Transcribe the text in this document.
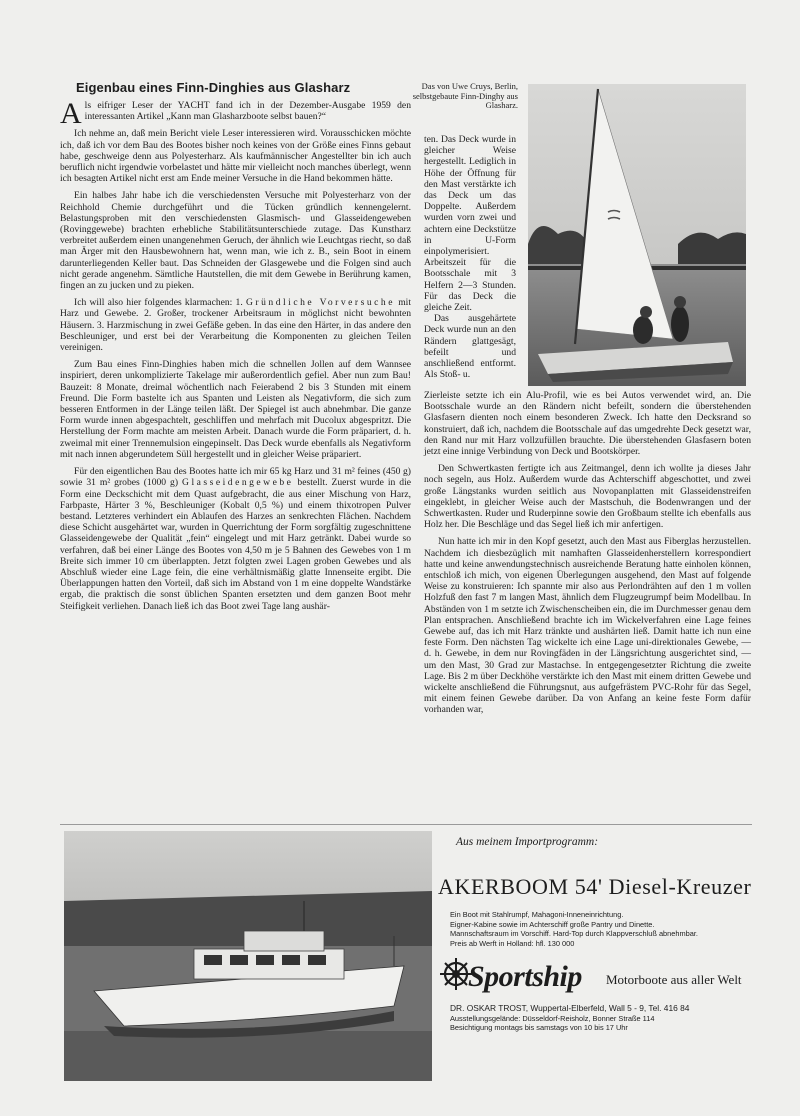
Eigenbau eines Finn-Dinghies aus Glasharz

Als eifriger Leser der YACHT fand ich in der Dezember-Ausgabe 1959 den interessanten Artikel „Kann man Glasharzboote selbst bauen?“

Ich nehme an, daß mein Bericht viele Leser interessieren wird. Vorausschicken möchte ich, daß ich vor dem Bau des Bootes bisher noch keines von der Größe eines Finns gebaut habe, geschweige denn aus Polyesterharz. Als kaufmännischer Angestellter bin ich auch beruflich nicht irgendwie vorbelastet und hätte mir vielleicht noch manches überlegt, wenn ich besagten Artikel nicht erst am Ende meiner Versuche in die Hand bekommen hätte.

Ein halbes Jahr habe ich die verschiedensten Versuche mit Polyesterharz von der Reichhold Chemie durchgeführt und die Tücken gründlich kennengelernt. Belastungsproben mit den verschiedensten Glasmisch- und Glasseidengeweben (Rovinggewebe) brachten erhebliche Stabilitätsunterschiede zutage. Das Kunstharz verbreitet außerdem einen unangenehmen Geruch, der ähnlich wie Leuchtgas riecht, so daß man Ärger mit den Hausbewohnern hat, wenn man, wie ich z. B., sein Boot in einem darunterliegenden Keller baut. Das Schneiden der Glasgewebe und die Folgen sind auch nicht gerade angenehm. Sämtliche Hautstellen, die mit dem Gewebe in Berührung kamen, fingen an zu jucken und zu pieken.

Ich will also hier folgendes klarmachen: 1. Gründliche Vorversuche mit Harz und Gewebe. 2. Großer, trockener Arbeitsraum in möglichst nicht bewohnten Häusern. 3. Harzmischung in zwei Gefäße geben. In das eine den Härter, in das andere den Beschleuniger, und erst bei der Verarbeitung die Komponenten zu gleichen Teilen vereinigen.

Zum Bau eines Finn-Dinghies haben mich die schnellen Jollen auf dem Wannsee inspiriert, deren unkomplizierte Takelage mir außerordentlich gefiel. Aber nun zum Bau! Bauzeit: 8 Monate, dreimal wöchentlich nach Feierabend 2 bis 3 Stunden mit einem Freund. Die Form bastelte ich aus Spanten und Leisten als Negativform, die sich zum besseren Entformen in der Länge teilen läßt. Der Spiegel ist auch abnehmbar. Die ganze Form wurde innen abgespachtelt, geschliffen und mehrfach mit Ducolux abgespritzt. Die Herstellung der Form machte am meisten Arbeit. Danach wurde die Form präpariert, d. h. zweimal mit einer Trennemulsion eingepinselt. Das Deck wurde ebenfalls als Negativform mit nach innen abgerundetem Süll hergestellt und in gleicher Weise präpariert.

Für den eigentlichen Bau des Bootes hatte ich mir 65 kg Harz und 31 m² feines (450 g) sowie 31 m² grobes (1000 g) Glasseidengewebe bestellt. Zuerst wurde in die Form eine Deckschicht mit dem Quast aufgebracht, die aus einer Mischung von Harz, Farbpaste, Härter 3 %, Beschleuniger (Kobalt 0,5 %) und einem thixotropen Pulver bestand. Letzteres verhindert ein Ablaufen des Harzes an senkrechten Flächen. Nachdem diese Schicht ausgehärtet war, wurden in Querrichtung der Form sorgfältig zugeschnittene Glasseidengewebe der Qualität „fein“ eingelegt und mit Harz getränkt. Dabei wurde so verfahren, daß bei einer Länge des Bootes von 4,50 m je 5 Bahnen des Gewebes von 1 m Breite sich immer 10 cm überlappten. Jetzt folgten zwei Lagen groben Gewebes und als Abschluß wieder eine Lage fein, die eine verhältnismäßig glatte Innenseite ergibt. Die Überlappungen hatten den Vorteil, daß sich im Abstand von 1 m eine doppelte Wandstärke ergab, die praktisch die sonst üblichen Spanten ersetzten und dem ganzen Boot mehr Steifigkeit verliehen. Danach ließ ich das Boot zwei Tage lang aushär-

Das von Uwe Cruys, Berlin, selbstgebaute Finn-Dinghy aus Glasharz.

ten. Das Deck wurde in gleicher Weise hergestellt. Lediglich in Höhe der Öffnung für den Mast verstärkte ich das Deck um das Doppelte. Außerdem wurden vorn zwei und achtern eine Deckstütze in U-Form einpolymerisiert. Arbeitszeit für die Bootsschale mit 3 Helfern 2—3 Stunden. Für das Deck die gleiche Zeit.

Das ausgehärtete Deck wurde nun an den Rändern glattgesägt, befeilt und anschließend entformt. Als Stoß- u.

Zierleiste setzte ich ein Alu-Profil, wie es bei Autos verwendet wird, an. Die Bootsschale wurde an den Rändern nicht befeilt, sondern die überstehenden Glasfasern dienten noch einem besonderen Zweck. Ich hatte den Decksrand so konstruiert, daß ich, nachdem die Bootsschale auf das umgedrehte Deck gesetzt war, den Rand nur mit Harz vollzufüllen brauchte. Die überstehenden Glasfasern boten jetzt eine innige Verbindung von Deck und Bootskörper.

Den Schwertkasten fertigte ich aus Zeitmangel, denn ich wollte ja dieses Jahr noch segeln, aus Holz. Außerdem wurde das Achterschiff abgeschottet, und zwei große Längstanks wurden seitlich aus Novopanplatten mit Glasseidenstreifen eingeklebt, in gleicher Weise auch der Mastschuh, die Bodenwrangen und der Schwertkasten. Ruder und Ruderpinne sowie den Großbaum stellte ich ebenfalls aus Holz her. Die Beschläge und das Segel ließ ich mir anfertigen.

Nun hatte ich mir in den Kopf gesetzt, auch den Mast aus Fiberglas herzustellen. Nachdem ich diesbezüglich mit namhaften Glasseidenherstellern korrespondiert hatte und keine anwendungstechnisch ausreichende Beratung hatte einholen können, entschloß ich mich, von eigenen Überlegungen ausgehend, den Mast auf folgende Weise zu konstruieren: Ich spannte mir also aus Perlondrähten auf den 1 m vollen Holzfuß den fast 7 m langen Mast, ähnlich dem Flugzeugrumpf beim Modellbau. In Abständen von 1 m setzte ich Zwischenscheiben ein, die im Durchmesser genau dem Plan entsprachen. Anschließend brachte ich im Wickelverfahren eine Lage feines Gewebe auf, das ich mit Harz tränkte und aushärten ließ. Damit hatte ich nun eine feste Form. Den nächsten Tag wickelte ich eine Lage uni-direktionales Gewebe, — d. h. Gewebe, in dem nur Rovingfäden in der Längsrichtung ausgerichtet sind, — um den Mast, 30 Grad zur Mastachse. In entgegengesetzter Richtung die zweite Lage. Bis 2 m über Deckhöhe verstärkte ich den Mast mit einem dritten Gewebe und wickelte anschließend die Führungsnut, aus aufgefrästem PVC-Rohr für das Segel, mit einem feinen Gewebe darüber. Da von Anfang an keine feste Form dafür vorhanden war,

Aus meinem Importprogramm:
AKERBOOM 54' Diesel-Kreuzer
Ein Boot mit Stahlrumpf, Mahagoni-Inneneinrichtung.
Eigner-Kabine sowie im Achterschiff große Pantry und Dinette.
Mannschaftsraum im Vorschiff. Hard-Top durch Klappverschluß abnehmbar.
Preis ab Werft in Holland: hfl. 130 000
Sportship Motorboote aus aller Welt
DR. OSKAR TROST, Wuppertal-Elberfeld, Wall 5 - 9, Tel. 416 84
Ausstellungsgelände: Düsseldorf-Reisholz, Bonner Straße 114
Besichtigung montags bis samstags von 10 bis 17 Uhr
